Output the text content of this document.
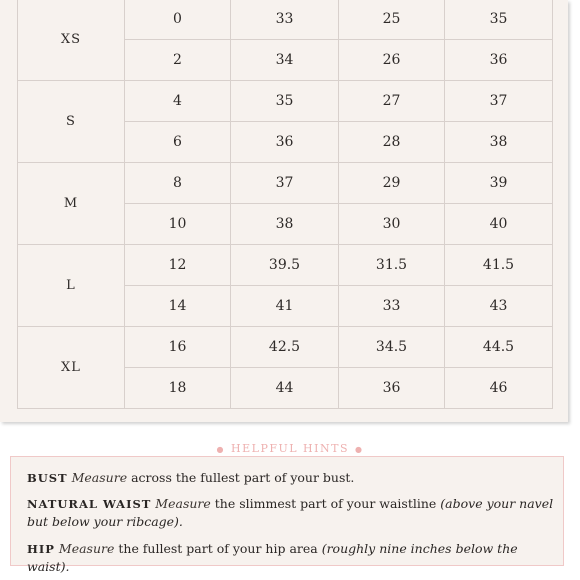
XS	0	33	25	35
	2	34	26	36
S	4	35	27	37
	6	36	28	38
M	8	37	29	39
	10	38	30	40
L	12	39.5	31.5	41.5
	14	41	33	43
XL	16	42.5	34.5	44.5
	18	44	36	46
● HELPFUL HINTS ●
BUST Measure across the fullest part of your bust.
NATURAL WAIST Measure the slimmest part of your waistline (above your navel but below your ribcage).
HIP Measure the fullest part of your hip area (roughly nine inches below the waist).
